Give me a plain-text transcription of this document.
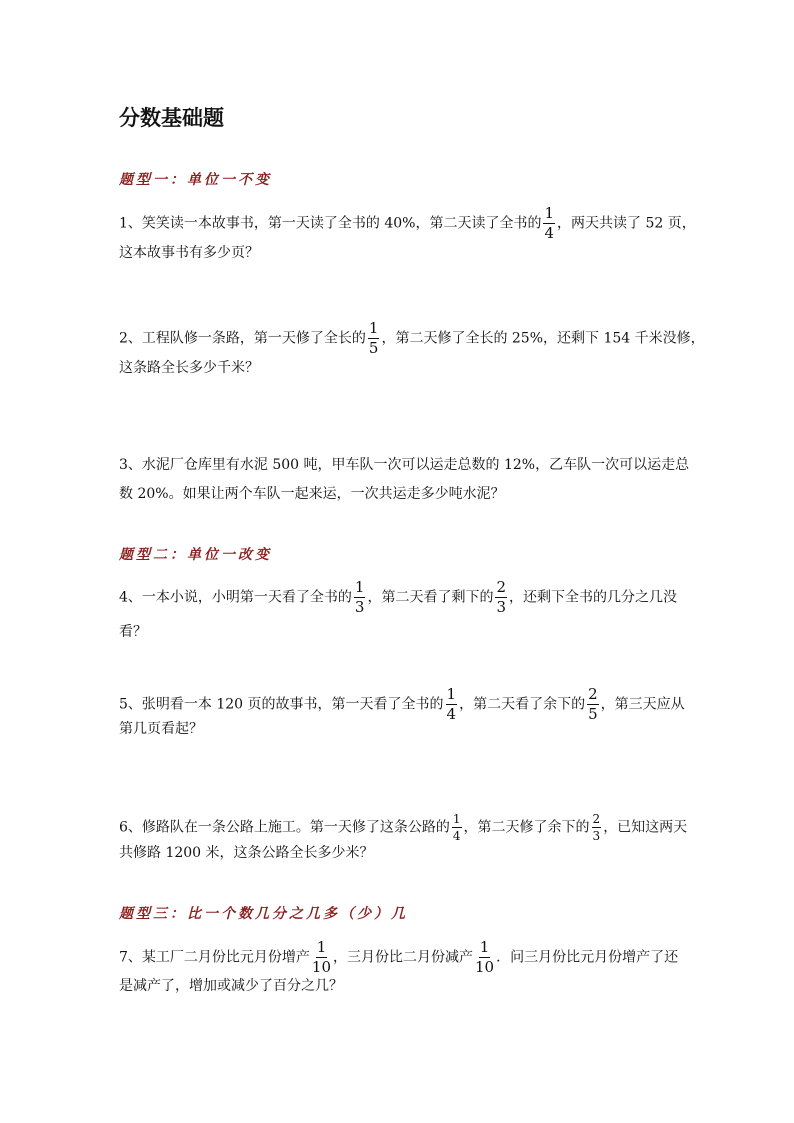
分数基础题
题型一：单位一不变
1、笑笑读一本故事书，第一天读了全书的 40%，第二天读了全书的 $\frac{1}{4}$ ，两天共读了 52 页，
这本故事书有多少页？
2、工程队修一条路，第一天修了全长的 $\frac{1}{5}$ ，第二天修了全长的 25%，还剩下 154 千米没修，
这条路全长多少千米？
3、水泥厂仓库里有水泥 500 吨，甲车队一次可以运走总数的 12%，乙车队一次可以运走总
数 20%。如果让两个车队一起来运，一次共运走多少吨水泥？
题型二：单位一改变
4、一本小说，小明第一天看了全书的 $\frac{1}{3}$ ，第二天看了剩下的 $\frac{2}{3}$ ，还剩下全书的几分之几没
看？
5、张明看一本 120 页的故事书，第一天看了全书的 $\frac{1}{4}$ ，第二天看了余下的 $\frac{2}{5}$ ，第三天应从
第几页看起？
6、修路队在一条公路上施工。第一天修了这条公路的 $\frac{1}{4}$ ，第二天修了余下的 $\frac{2}{3}$ ，已知这两天
共修路 1200 米，这条公路全长多少米？
题型三：比一个数几分之几多（少）几
7、某工厂二月份比元月份增产 $\frac{1}{10}$ ，三月份比二月份减产 $\frac{1}{10}$ ．问三月份比元月份增产了还
是减产了，增加或减少了百分之几？
